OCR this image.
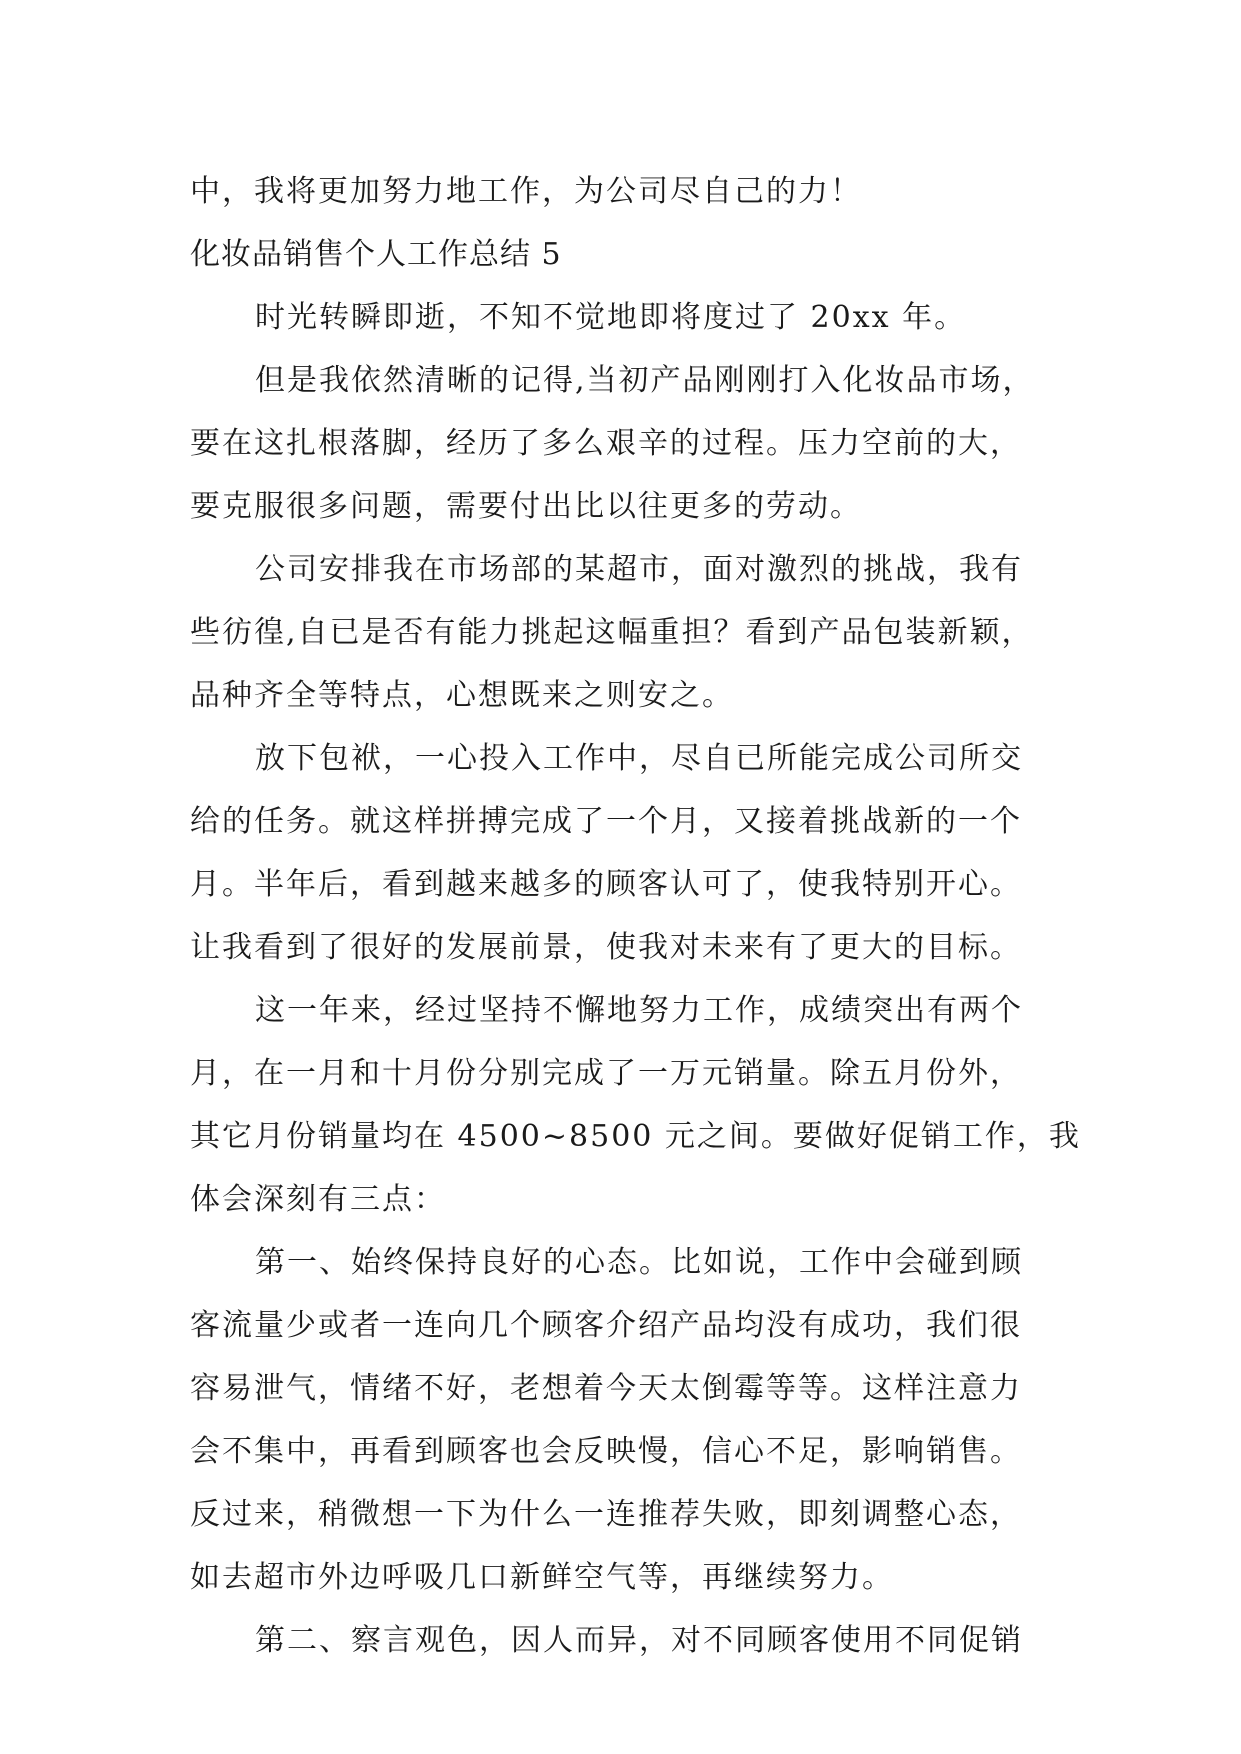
中，我将更加努力地工作，为公司尽自己的力！
化妆品销售个人工作总结 5
时光转瞬即逝，不知不觉地即将度过了 20xx 年。
但是我依然清晰的记得,当初产品刚刚打入化妆品市场，
要在这扎根落脚，经历了多么艰辛的过程。压力空前的大，
要克服很多问题，需要付出比以往更多的劳动。
公司安排我在市场部的某超市，面对激烈的挑战，我有
些彷徨,自已是否有能力挑起这幅重担？看到产品包装新颖，
品种齐全等特点，心想既来之则安之。
放下包袱，一心投入工作中，尽自已所能完成公司所交
给的任务。就这样拼搏完成了一个月，又接着挑战新的一个
月。半年后，看到越来越多的顾客认可了，使我特别开心。
让我看到了很好的发展前景，使我对未来有了更大的目标。
这一年来，经过坚持不懈地努力工作，成绩突出有两个
月，在一月和十月份分别完成了一万元销量。除五月份外，
其它月份销量均在 4500~8500 元之间。要做好促销工作，我
体会深刻有三点：
第一、始终保持良好的心态。比如说，工作中会碰到顾
客流量少或者一连向几个顾客介绍产品均没有成功，我们很
容易泄气，情绪不好，老想着今天太倒霉等等。这样注意力
会不集中，再看到顾客也会反映慢，信心不足，影响销售。
反过来，稍微想一下为什么一连推荐失败，即刻调整心态，
如去超市外边呼吸几口新鲜空气等，再继续努力。
第二、察言观色，因人而异，对不同顾客使用不同促销
